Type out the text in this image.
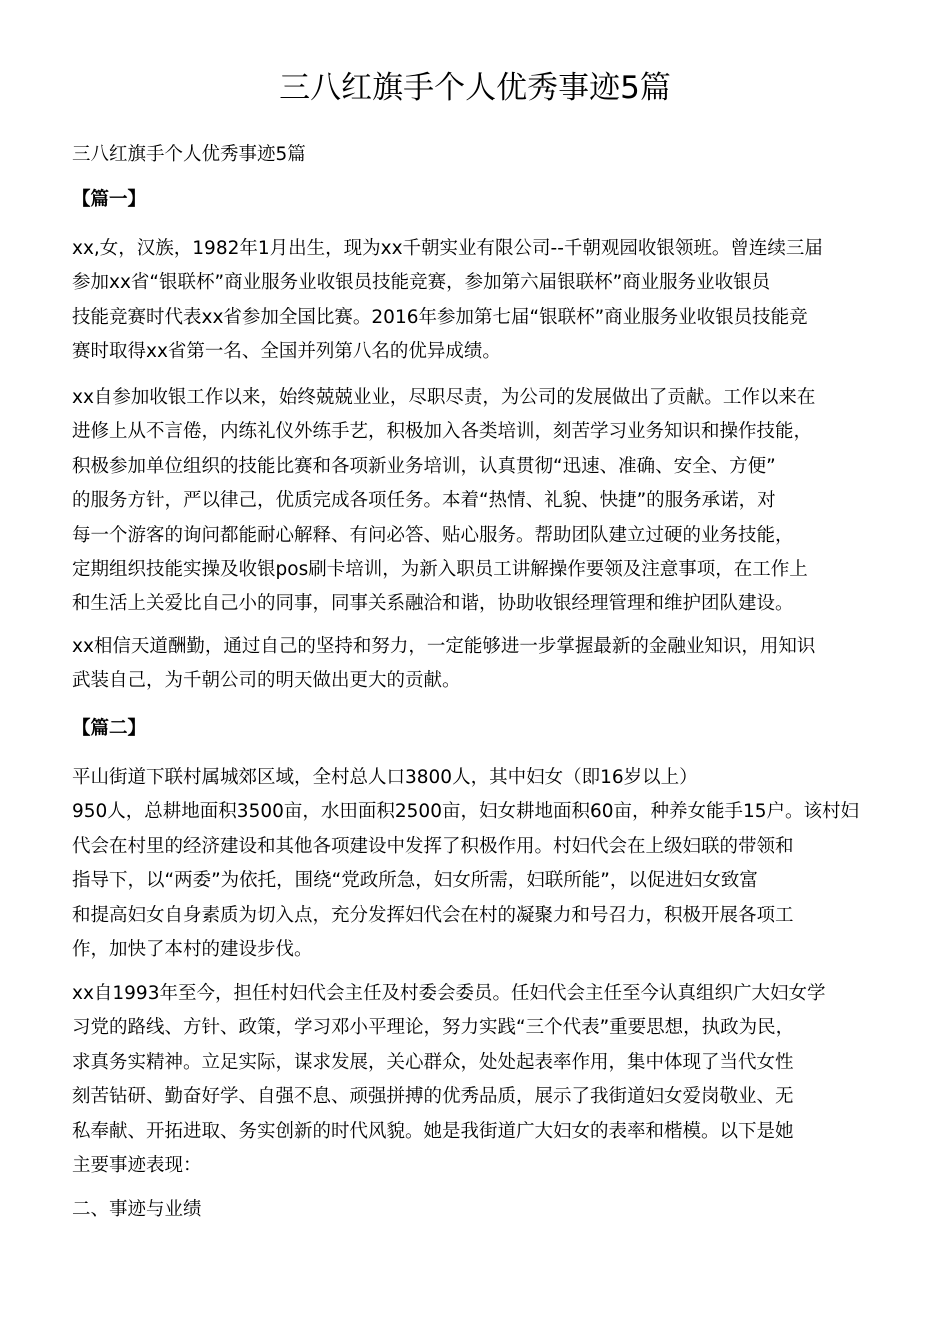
三八红旗手个人优秀事迹5篇

三八红旗手个人优秀事迹5篇

【篇一】

xx,女，汉族，1982年1月出生，现为xx千朝实业有限公司--千朝观园收银领班。曾连续三届
参加xx省“银联杯”商业服务业收银员技能竞赛，参加第六届银联杯”商业服务业收银员
技能竞赛时代表xx省参加全国比赛。2016年参加第七届“银联杯”商业服务业收银员技能竞
赛时取得xx省第一名、全国并列第八名的优异成绩。

xx自参加收银工作以来，始终兢兢业业，尽职尽责，为公司的发展做出了贡献。工作以来在
进修上从不言倦，内练礼仪外练手艺，积极加入各类培训，刻苦学习业务知识和操作技能，
积极参加单位组织的技能比赛和各项新业务培训，认真贯彻“迅速、准确、安全、方便”
的服务方针，严以律己，优质完成各项任务。本着“热情、礼貌、快捷”的服务承诺，对
每一个游客的询问都能耐心解释、有问必答、贴心服务。帮助团队建立过硬的业务技能，
定期组织技能实操及收银pos刷卡培训，为新入职员工讲解操作要领及注意事项，在工作上
和生活上关爱比自己小的同事，同事关系融洽和谐，协助收银经理管理和维护团队建设。

xx相信天道酬勤，通过自己的坚持和努力，一定能够进一步掌握最新的金融业知识，用知识
武装自己，为千朝公司的明天做出更大的贡献。

【篇二】

平山街道下联村属城郊区域，全村总人口3800人，其中妇女（即16岁以上）
950人，总耕地面积3500亩，水田面积2500亩，妇女耕地面积60亩，种养女能手15户。该村妇
代会在村里的经济建设和其他各项建设中发挥了积极作用。村妇代会在上级妇联的带领和
指导下，以“两委”为依托，围绕“党政所急，妇女所需，妇联所能”，以促进妇女致富
和提高妇女自身素质为切入点，充分发挥妇代会在村的凝聚力和号召力，积极开展各项工
作，加快了本村的建设步伐。

xx自1993年至今，担任村妇代会主任及村委会委员。任妇代会主任至今认真组织广大妇女学
习党的路线、方针、政策，学习邓小平理论，努力实践“三个代表”重要思想，执政为民，
求真务实精神。立足实际，谋求发展，关心群众，处处起表率作用，集中体现了当代女性
刻苦钻研、勤奋好学、自强不息、顽强拼搏的优秀品质，展示了我街道妇女爱岗敬业、无
私奉献、开拓进取、务实创新的时代风貌。她是我街道广大妇女的表率和楷模。以下是她
主要事迹表现：

二、事迹与业绩
